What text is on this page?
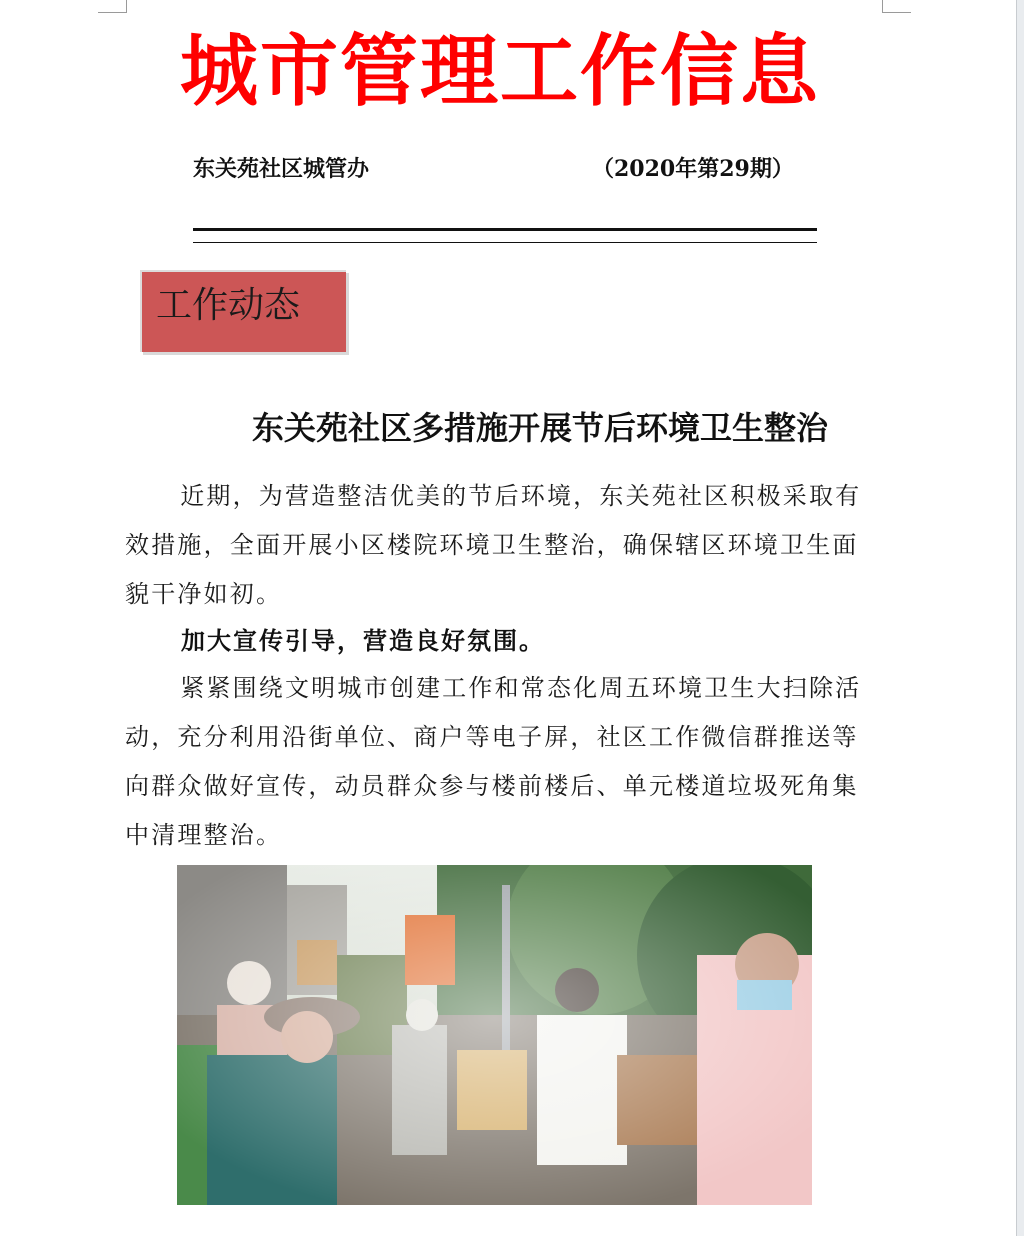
城市管理工作信息
东关苑社区城管办	（2020年第29期）
工作动态
东关苑社区多措施开展节后环境卫生整治
近期，为营造整洁优美的节后环境，东关苑社区积极采取有效措施，全面开展小区楼院环境卫生整治，确保辖区环境卫生面貌干净如初。
加大宣传引导，营造良好氛围。
紧紧围绕文明城市创建工作和常态化周五环境卫生大扫除活动，充分利用沿街单位、商户等电子屏，社区工作微信群推送等向群众做好宣传，动员群众参与楼前楼后、单元楼道垃圾死角集中清理整治。
